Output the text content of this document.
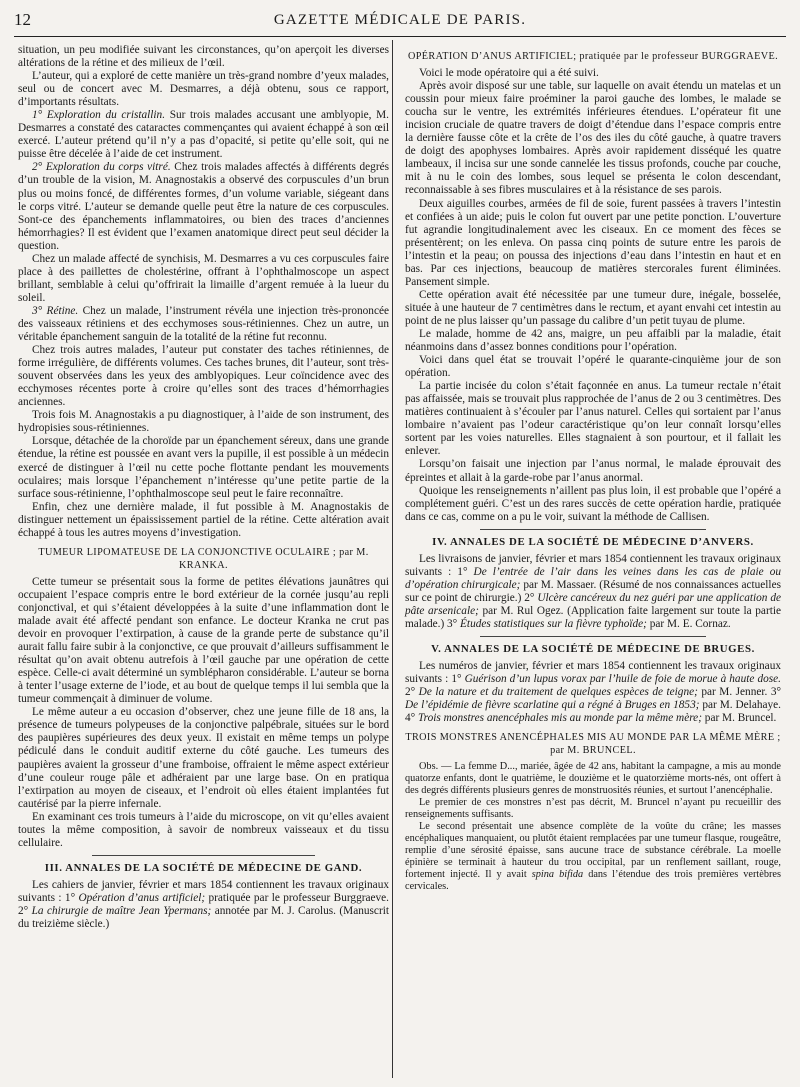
12	GAZETTE MÉDICALE DE PARIS.

situation, un peu modifiée suivant les circonstances, qu’on aperçoit les diverses altérations de la rétine et des milieux de l’œil.

L’auteur, qui a exploré de cette manière un très-grand nombre d’yeux malades, seul ou de concert avec M. Desmarres, a déjà obtenu, sous ce rapport, d’importants résultats.

1° Exploration du cristallin. Sur trois malades accusant une amblyopie, M. Desmarres a constaté des cataractes commençantes qui avaient échappé à son œil exercé. L’auteur prétend qu’il n’y a pas d’opacité, si petite qu’elle soit, qui ne puisse être décelée à l’aide de cet instrument.

2° Exploration du corps vitré. Chez trois malades affectés à différents degrés d’un trouble de la vision, M. Anagnostakis a observé des corpuscules d’un brun plus ou moins foncé, de différentes formes, d’un volume variable, siégeant dans le corps vitré. L’auteur se demande quelle peut être la nature de ces corpuscules. Sont-ce des épanchements inflammatoires, ou bien des traces d’anciennes hémorrhagies? Il est évident que l’examen anatomique direct peut seul décider la question.

Chez un malade affecté de synchisis, M. Desmarres a vu ces corpuscules faire place à des paillettes de cholestérine, offrant à l’ophthalmoscope un aspect brillant, semblable à celui qu’offrirait la limaille d’argent remuée à la lueur du soleil.

3° Rétine. Chez un malade, l’instrument révéla une injection très-prononcée des vaisseaux rétiniens et des ecchymoses sous-rétiniennes. Chez un autre, un véritable épanchement sanguin de la totalité de la rétine fut reconnu.

Chez trois autres malades, l’auteur put constater des taches rétiniennes, de forme irrégulière, de différents volumes. Ces taches brunes, dit l’auteur, sont très-souvent observées dans les yeux des amblyopiques. Leur coïncidence avec des ecchymoses récentes porte à croire qu’elles sont des traces d’hémorrhagies anciennes.

Trois fois M. Anagnostakis a pu diagnostiquer, à l’aide de son instrument, des hydropisies sous-rétiniennes.

Lorsque, détachée de la choroïde par un épanchement séreux, dans une grande étendue, la rétine est poussée en avant vers la pupille, il est possible à un médecin exercé de distinguer à l’œil nu cette poche flottante pendant les mouvements oculaires; mais lorsque l’épanchement n’intéresse qu’une petite partie de la surface sous-rétinienne, l’ophthalmoscope seul peut le faire reconnaître.

Enfin, chez une dernière malade, il fut possible à M. Anagnostakis de distinguer nettement un épaississement partiel de la rétine. Cette altération avait échappé à tous les autres moyens d’investigation.

TUMEUR LIPOMATEUSE DE LA CONJONCTIVE OCULAIRE ; par M. KRANKA.

Cette tumeur se présentait sous la forme de petites élévations jaunâtres qui occupaient l’espace compris entre le bord extérieur de la cornée jusqu’au repli conjonctival, et qui s’étaient développées à la suite d’une inflammation dont le malade avait été affecté pendant son enfance. Le docteur Kranka ne crut pas devoir en provoquer l’extirpation, à cause de la grande perte de substance qu’il aurait fallu faire subir à la conjonctive, ce que prouvait d’ailleurs suffisamment le résultat qu’on avait obtenu autrefois à l’œil gauche par une opération de cette espèce. Celle-ci avait déterminé un symblépharon considérable. L’auteur se borna à tenter l’usage externe de l’iode, et au bout de quelque temps il lui sembla que la tumeur commençait à diminuer de volume.

Le même auteur a eu occasion d’observer, chez une jeune fille de 18 ans, la présence de tumeurs polypeuses de la conjonctive palpébrale, situées sur le bord des paupières supérieures des deux yeux. Il existait en même temps un polype pédiculé dans le conduit auditif externe du côté gauche. Les tumeurs des paupières avaient la grosseur d’une framboise, offraient le même aspect extérieur d’une couleur rouge pâle et adhéraient par une large base. On en pratiqua l’extirpation au moyen de ciseaux, et l’endroit où elles étaient implantées fut cautérisé par la pierre infernale.

En examinant ces trois tumeurs à l’aide du microscope, on vit qu’elles avaient toutes la même composition, à savoir de nombreux vaisseaux et du tissu cellulaire.

III. ANNALES DE LA SOCIÉTÉ DE MÉDECINE DE GAND.

Les cahiers de janvier, février et mars 1854 contiennent les travaux originaux suivants : 1° Opération d’anus artificiel; pratiquée par le professeur Burggraeve. 2° La chirurgie de maître Jean Ypermans; annotée par M. J. Carolus. (Manuscrit du treizième siècle.)

OPÉRATION D’ANUS ARTIFICIEL; pratiquée par le professeur BURGGRAEVE.

Voici le mode opératoire qui a été suivi.

Après avoir disposé sur une table, sur laquelle on avait étendu un matelas et un coussin pour mieux faire proéminer la paroi gauche des lombes, le malade se coucha sur le ventre, les extrémités inférieures étendues. L’opérateur fit une incision cruciale de quatre travers de doigt d’étendue dans l’espace compris entre la dernière fausse côte et la crête de l’os des iles du côté gauche, à quatre travers de doigt des apophyses lombaires. Après avoir rapidement disséqué les quatre lambeaux, il incisa sur une sonde cannelée les tissus profonds, couche par couche, mit à nu le coin des lombes, sous lequel se présenta le colon descendant, reconnaissable à ses fibres musculaires et à la résistance de ses parois.

Deux aiguilles courbes, armées de fil de soie, furent passées à travers l’intestin et confiées à un aide; puis le colon fut ouvert par une petite ponction. L’ouverture fut agrandie longitudinalement avec les ciseaux. En ce moment des fèces se présentèrent; on les enleva. On passa cinq points de suture entre les parois de l’intestin et la peau; on poussa des injections d’eau dans l’intestin en haut et en bas. Par ces injections, beaucoup de matières stercorales furent éliminées. Pansement simple.

Cette opération avait été nécessitée par une tumeur dure, inégale, bosselée, située à une hauteur de 7 centimètres dans le rectum, et ayant envahi cet intestin au point de ne plus laisser qu’un passage du calibre d’un petit tuyau de plume.

Le malade, homme de 42 ans, maigre, un peu affaibli par la maladie, était néanmoins dans d’assez bonnes conditions pour l’opération.

Voici dans quel état se trouvait l’opéré le quarante-cinquième jour de son opération.

La partie incisée du colon s’était façonnée en anus. La tumeur rectale n’était pas affaissée, mais se trouvait plus rapprochée de l’anus de 2 ou 3 centimètres. Des matières continuaient à s’écouler par l’anus naturel. Celles qui sortaient par l’anus lombaire n’avaient pas l’odeur caractéristique qu’on leur connaît lorsqu’elles sortent par les voies naturelles. Elles stagnaient à son pourtour, et il fallait les enlever.

Lorsqu’on faisait une injection par l’anus normal, le malade éprouvait des épreintes et allait à la garde-robe par l’anus anormal.

Quoique les renseignements n’aillent pas plus loin, il est probable que l’opéré a complétement guéri. C’est un des rares succès de cette opération hardie, pratiquée dans ce cas, comme on a pu le voir, suivant la méthode de Callisen.

IV. ANNALES DE LA SOCIÉTÉ DE MÉDECINE D’ANVERS.

Les livraisons de janvier, février et mars 1854 contiennent les travaux originaux suivants : 1° De l’entrée de l’air dans les veines dans les cas de plaie ou d’opération chirurgicale; par M. Massaer. (Résumé de nos connaissances actuelles sur ce point de chirurgie.) 2° Ulcère cancéreux du nez guéri par une application de pâte arsenicale; par M. Rul Ogez. (Application faite largement sur toute la partie malade.) 3° Études statistiques sur la fièvre typhoïde; par M. E. Cornaz.

V. ANNALES DE LA SOCIÉTÉ DE MÉDECINE DE BRUGES.

Les numéros de janvier, février et mars 1854 contiennent les travaux originaux suivants : 1° Guérison d’un lupus vorax par l’huile de foie de morue à haute dose. 2° De la nature et du traitement de quelques espèces de teigne; par M. Jenner. 3° De l’épidémie de fièvre scarlatine qui a régné à Bruges en 1853; par M. Delahaye. 4° Trois monstres anencéphales mis au monde par la même mère; par M. Bruncel.

TROIS MONSTRES ANENCÉPHALES MIS AU MONDE PAR LA MÊME MÈRE ; par M. BRUNCEL.

Obs. — La femme D..., mariée, âgée de 42 ans, habitant la campagne, a mis au monde quatorze enfants, dont le quatrième, le douzième et le quatorzième morts-nés, ont offert à des degrés différents plusieurs genres de monstruosités réunies, et surtout l’anencéphalie.

Le premier de ces monstres n’est pas décrit, M. Bruncel n’ayant pu recueillir des renseignements suffisants.

Le second présentait une absence complète de la voûte du crâne; les masses encéphaliques manquaient, ou plutôt étaient remplacées par une tumeur flasque, rougeâtre, remplie d’une sérosité épaisse, sans aucune trace de substance cérébrale. La moelle épinière se terminait à hauteur du trou occipital, par un renflement saillant, rouge, fortement injecté. Il y avait spina bifida dans l’étendue des trois premières vertèbres cervicales.
